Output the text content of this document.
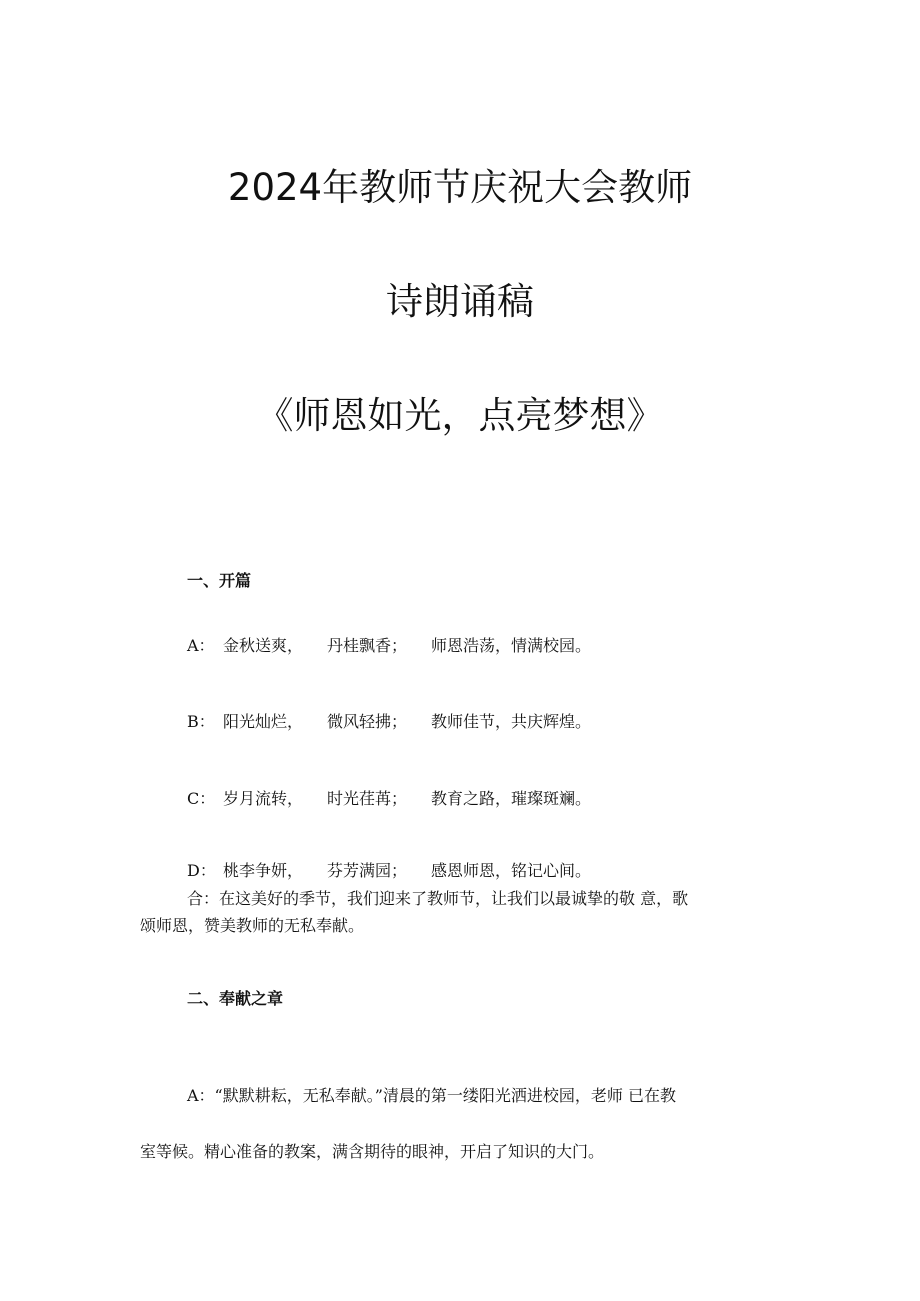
2024年教师节庆祝大会教师
诗朗诵稿
《师恩如光，点亮梦想》
一、开篇
A： 金秋送爽， 丹桂飘香； 师恩浩荡，情满校园。
B： 阳光灿烂， 微风轻拂； 教师佳节，共庆辉煌。
C： 岁月流转， 时光荏苒； 教育之路，璀璨斑斓。
D： 桃李争妍， 芬芳满园； 感恩师恩，铭记心间。
合：在这美好的季节，我们迎来了教师节，让我们以最诚挚的敬 意，歌
颂师恩，赞美教师的无私奉献。
二、奉献之章
A：“默默耕耘，无私奉献。”清晨的第一缕阳光洒进校园，老师 已在教
室等候。精心准备的教案，满含期待的眼神，开启了知识的大门。
